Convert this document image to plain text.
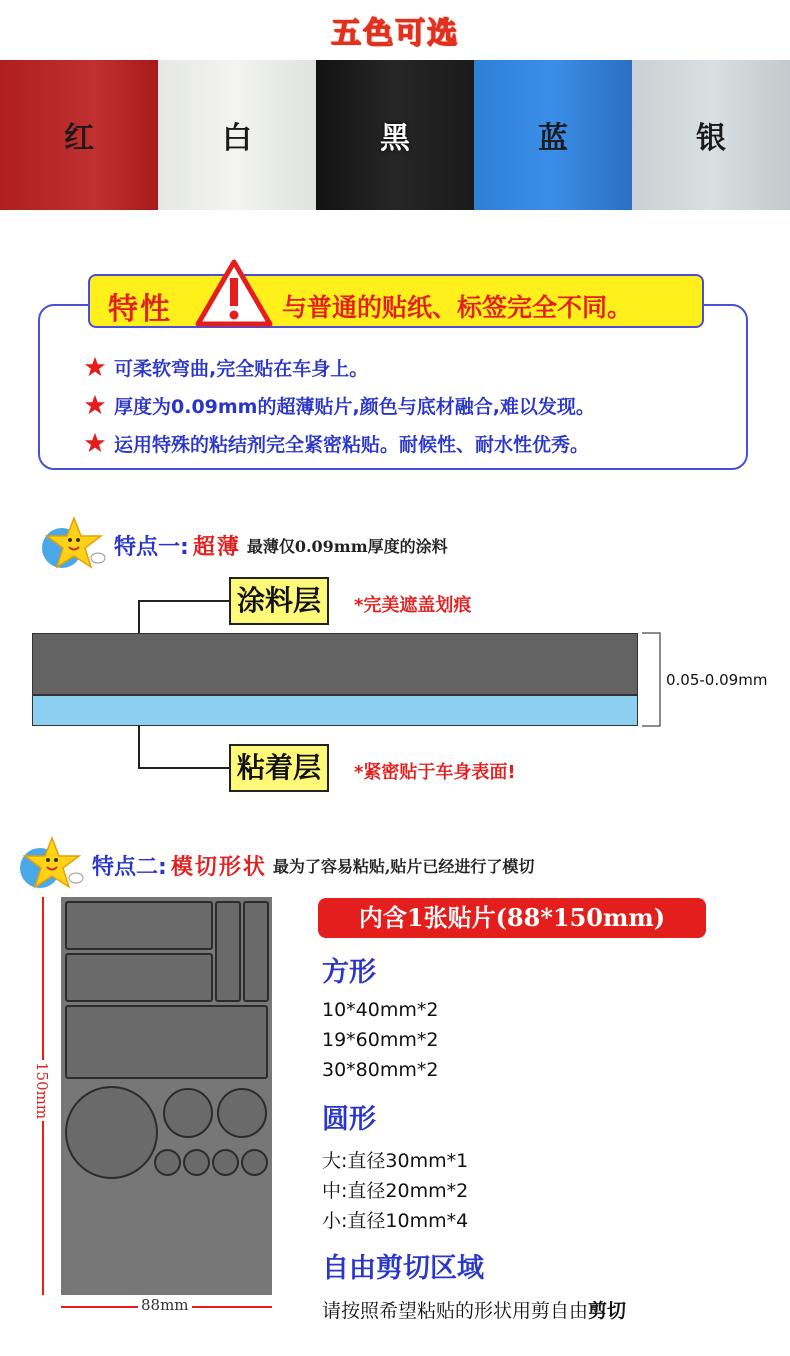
五色可选
红	白	黑	蓝	银
特性	与普通的贴纸、标签完全不同。
可柔软弯曲,完全贴在车身上。
厚度为0.09mm的超薄贴片,颜色与底材融合,难以发现。
运用特殊的粘结剂完全紧密粘贴。耐候性、耐水性优秀。
特点一: 超薄 最薄仅0.09mm厚度的涂料
涂料层	*完美遮盖划痕
粘着层	*紧密贴于车身表面!
0.05-0.09mm
特点二: 模切形状 最为了容易粘贴,贴片已经进行了模切
150mm
88mm
内含1张贴片(88*150mm)
方形
10*40mm*2
19*60mm*2
30*80mm*2
圆形
大:直径30mm*1
中:直径20mm*2
小:直径10mm*4
自由剪切区域
请按照希望粘贴的形状用剪自由剪切
